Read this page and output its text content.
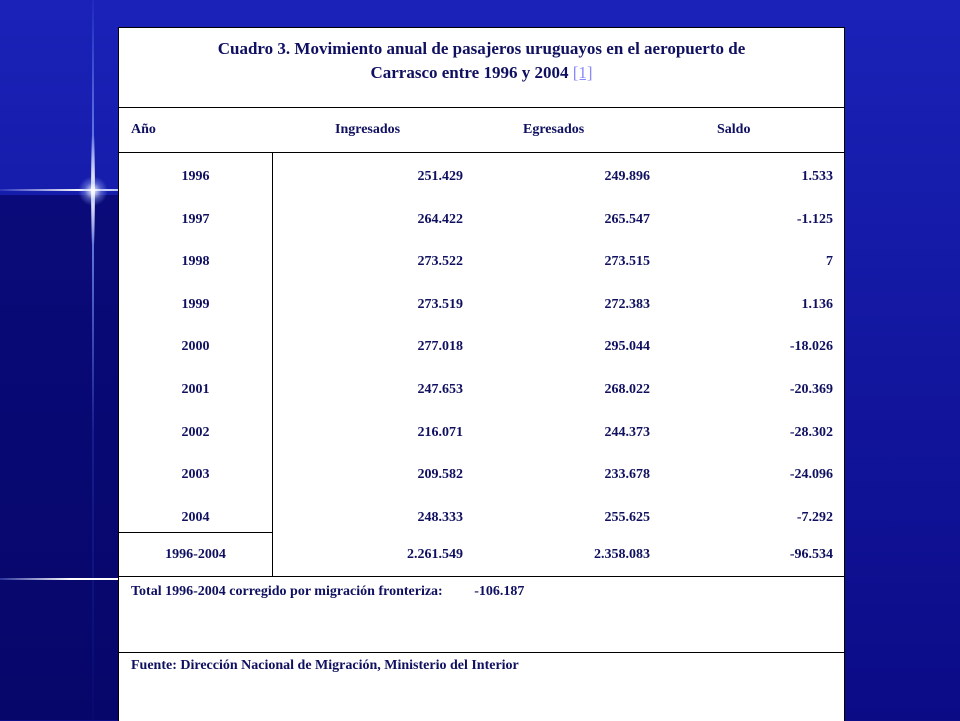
Cuadro 3. Movimiento anual de pasajeros uruguayos en el aeropuerto de
Carrasco entre 1996 y 2004 [1]
Año	Ingresados	Egresados	Saldo
1996	251.429	249.896	1.533
1997	264.422	265.547	-1.125
1998	273.522	273.515	7
1999	273.519	272.383	1.136
2000	277.018	295.044	-18.026
2001	247.653	268.022	-20.369
2002	216.071	244.373	-28.302
2003	209.582	233.678	-24.096
2004	248.333	255.625	-7.292
1996-2004	2.261.549	2.358.083	-96.534
Total 1996-2004 corregido por migración fronteriza: -106.187
Fuente: Dirección Nacional de Migración, Ministerio del Interior
